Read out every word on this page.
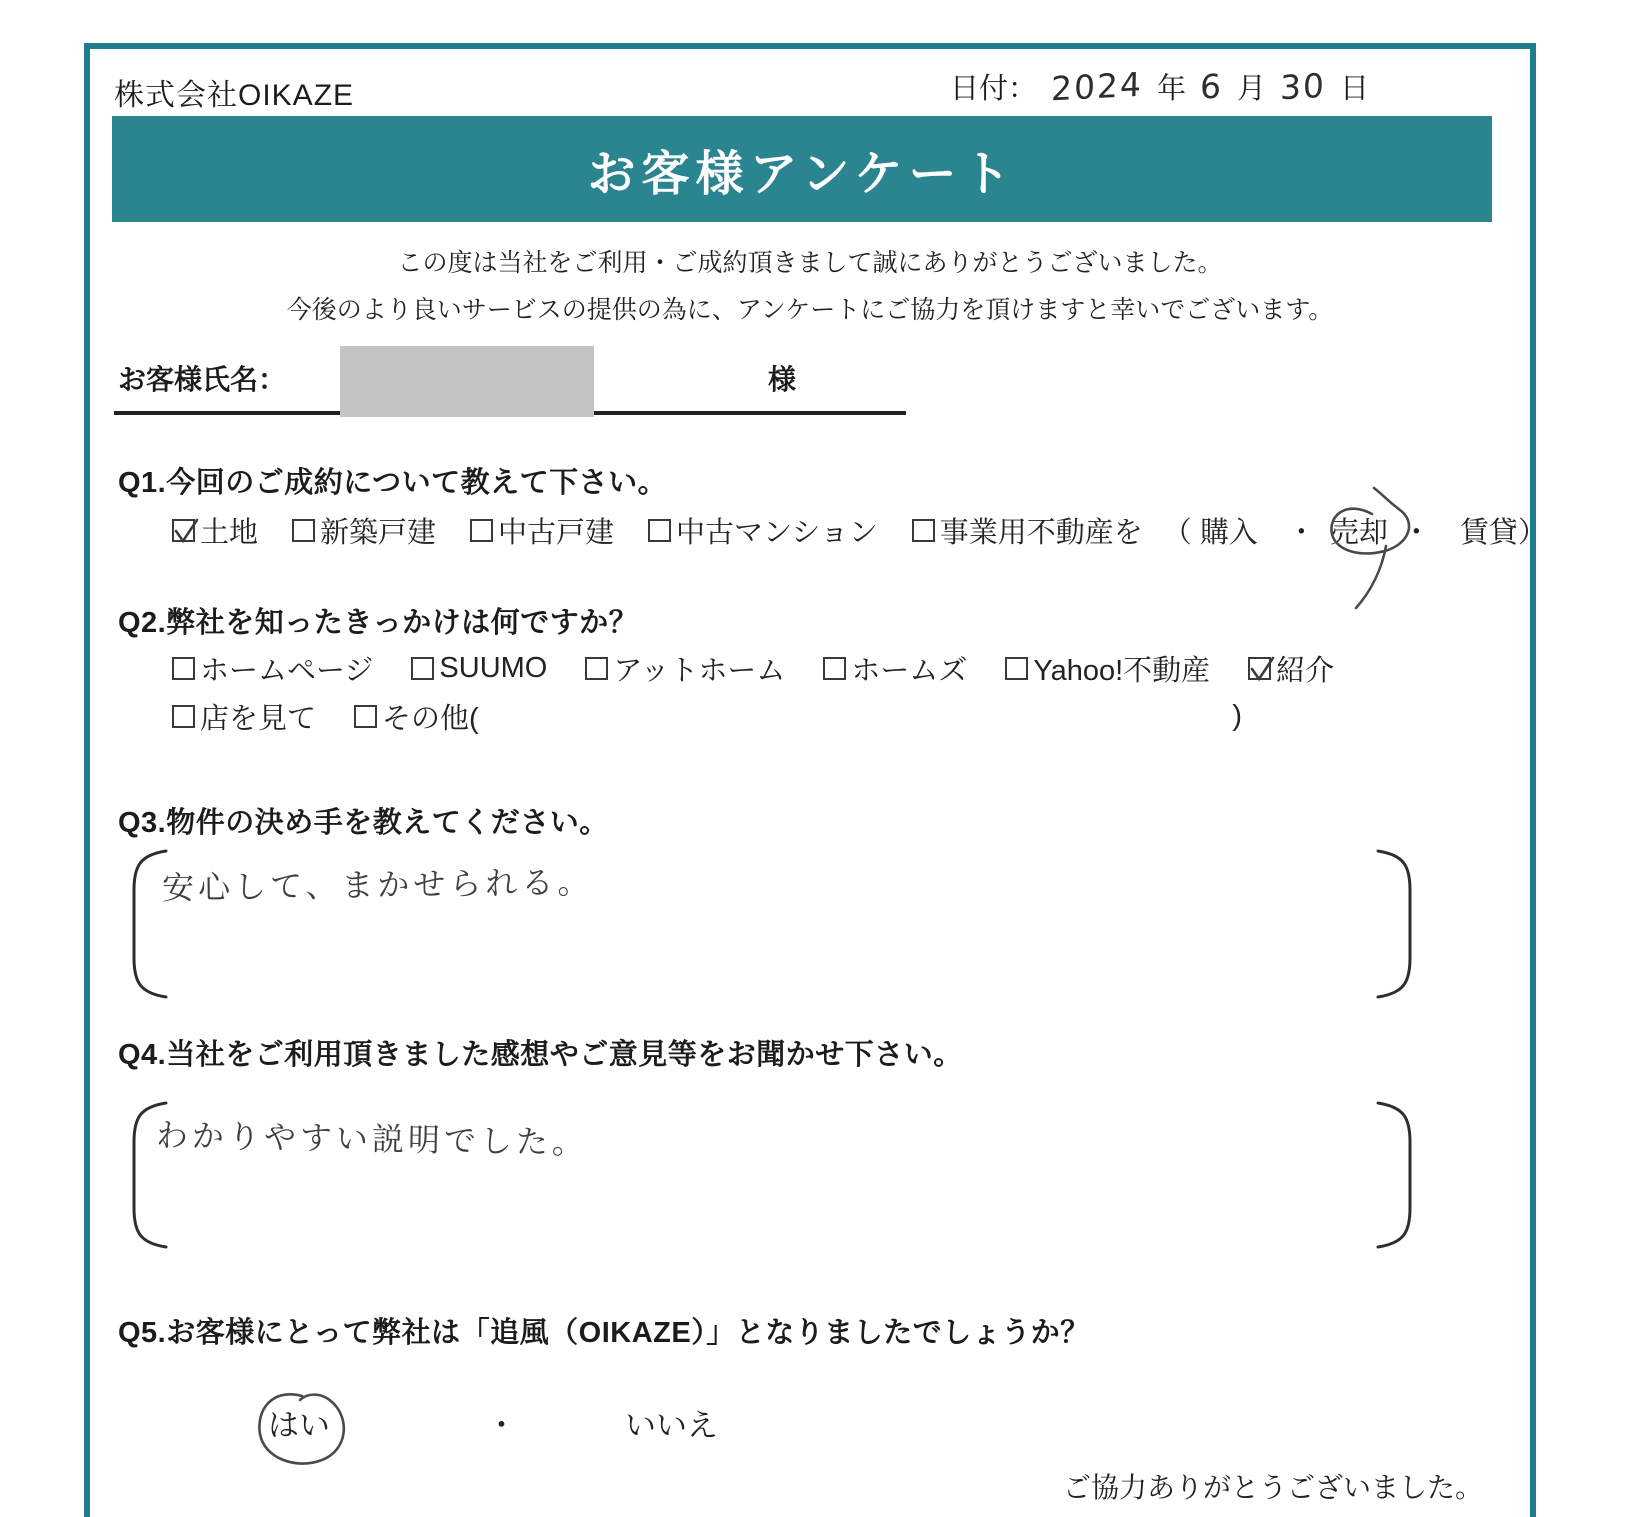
株式会社OIKAZE	日付： 2024 年 6 月 30 日
お客様アンケート
この度は当社をご利用・ご成約頂きまして誠にありがとうございました。
今後のより良いサービスの提供の為に、アンケートにご協力を頂けますと幸いでございます。
お客様氏名：	様
Q1.今回のご成約について教えて下さい。
土地 新築戸建 中古戸建 中古マンション 事業用不動産を （ 購入　・ 売却 ・　賃貸）
Q2.弊社を知ったきっかけは何ですか？
ホームページ SUUMO アットホーム ホームズ Yahoo!不動産 紹介
店を見て その他(	)
Q3.物件の決め手を教えてください。
安心して、まかせられる。
Q4.当社をご利用頂きました感想やご意見等をお聞かせ下さい。
わかりやすい説明でした。
Q5.お客様にとって弊社は「追風（OIKAZE）」となりましたでしょうか？
はい	・	いいえ
ご協力ありがとうございました。
